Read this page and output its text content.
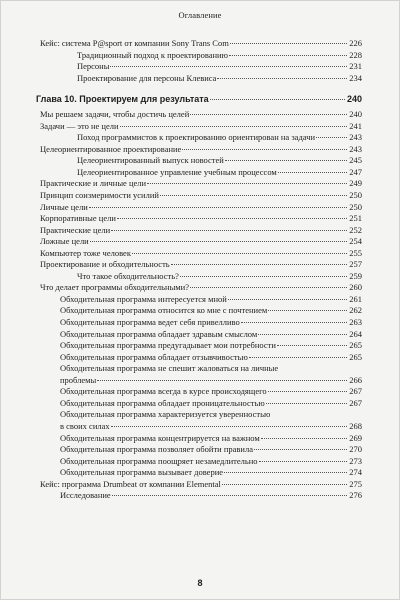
Оглавление
Кейс: система P@sport от компании Sony Trans Com	226
Традиционный подход к проектированию	228
Персоны	231
Проектирование для персоны Клевиса	234
Глава 10. Проектируем для результата	240
Мы решаем задачи, чтобы достичь целей	240
Задачи — это не цели	241
Поход программистов к проектированию ориентирован на задачи	243
Целеориентированное проектирование	243
Целеориентированный выпуск новостей	245
Целеориентированное управление учебным процессом	247
Практические и личные цели	249
Принцип соизмеримости усилий	250
Личные цели	250
Корпоративные цели	251
Практические цели	252
Ложные цели	254
Компьютер тоже человек	255
Проектирование и обходительность	257
Что такое обходительность?	259
Что делает программы обходительными?	260
Обходительная программа интересуется мной	261
Обходительная программа относится ко мне с почтением	262
Обходительная программа ведет себя привелливо	263
Обходительная программа обладает здравым смыслом	264
Обходительная программа предугадывает мои потребности	265
Обходительная программа обладает отзывчивостью	265
Обходительная программа не спешит жаловаться на личные
проблемы	266
Обходительная программа всегда в курсе происходящего	267
Обходительная программа обладает проницательностью	267
Обходительная программа характеризуется уверенностью
в своих силах	268
Обходительная программа концентрируется на важном	269
Обходительная программа позволяет обойти правила	270
Обходительная программа поощряет незамедлительно	273
Обходительная программа вызывает доверие	274
Кейс: программа Drumbeat от компании Elemental	275
Исследование	276
8
